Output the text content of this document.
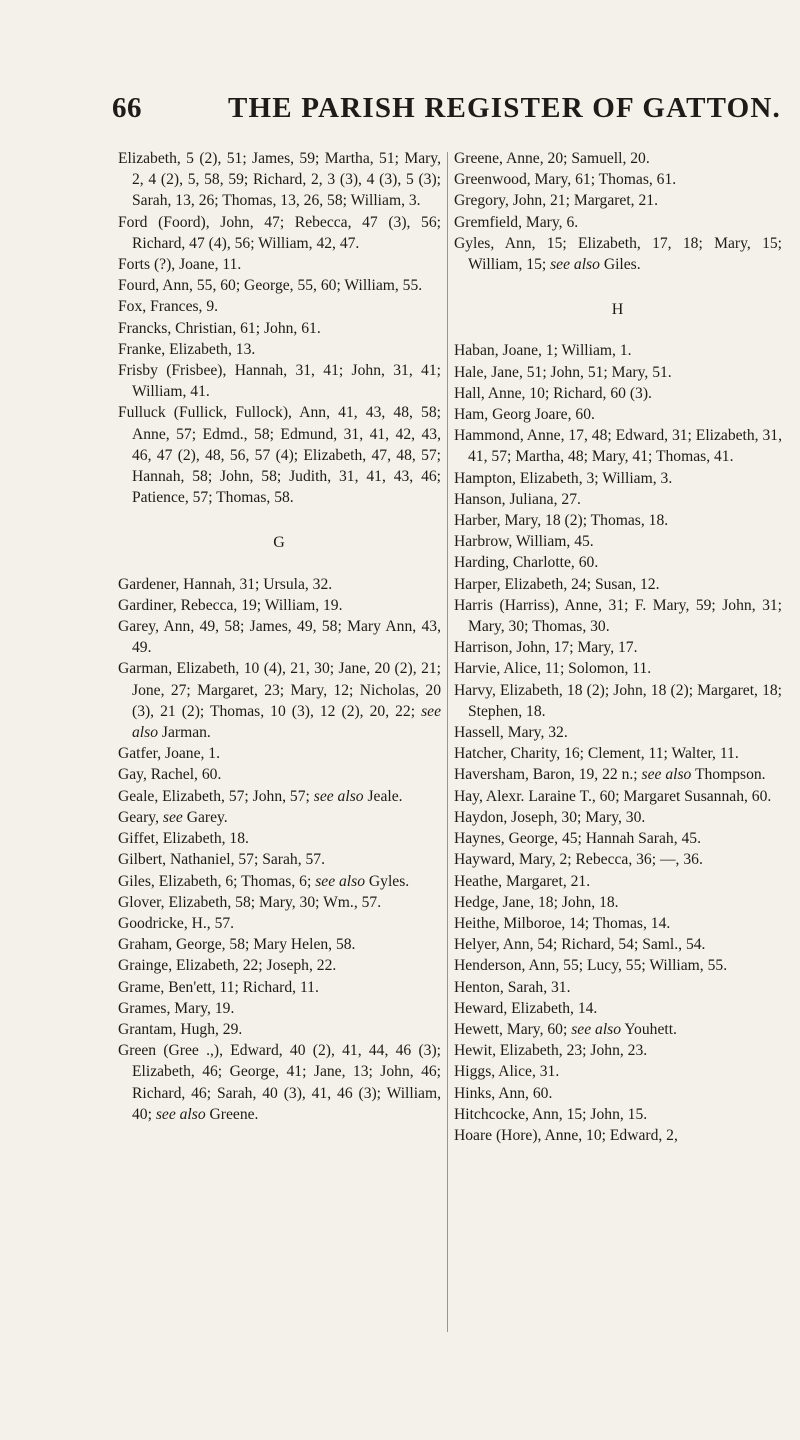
66	THE PARISH REGISTER OF GATTON.

Elizabeth, 5 (2), 51; James, 59; Martha, 51; Mary, 2, 4 (2), 5, 58, 59; Richard, 2, 3 (3), 4 (3), 5 (3); Sarah, 13, 26; Thomas, 13, 26, 58; William, 3.

Ford (Foord), John, 47; Rebecca, 47 (3), 56; Richard, 47 (4), 56; William, 42, 47.

Forts (?), Joane, 11.

Fourd, Ann, 55, 60; George, 55, 60; William, 55.

Fox, Frances, 9.

Francks, Christian, 61; John, 61.

Franke, Elizabeth, 13.

Frisby (Frisbee), Hannah, 31, 41; John, 31, 41; William, 41.

Fulluck (Fullick, Fullock), Ann, 41, 43, 48, 58; Anne, 57; Edmd., 58; Edmund, 31, 41, 42, 43, 46, 47 (2), 48, 56, 57 (4); Elizabeth, 47, 48, 57; Hannah, 58; John, 58; Judith, 31, 41, 43, 46; Patience, 57; Thomas, 58.

G

Gardener, Hannah, 31; Ursula, 32.

Gardiner, Rebecca, 19; William, 19.

Garey, Ann, 49, 58; James, 49, 58; Mary Ann, 43, 49.

Garman, Elizabeth, 10 (4), 21, 30; Jane, 20 (2), 21; Jone, 27; Margaret, 23; Mary, 12; Nicholas, 20 (3), 21 (2); Thomas, 10 (3), 12 (2), 20, 22; see also Jarman.

Gatfer, Joane, 1.

Gay, Rachel, 60.

Geale, Elizabeth, 57; John, 57; see also Jeale.

Geary, see Garey.

Giffet, Elizabeth, 18.

Gilbert, Nathaniel, 57; Sarah, 57.

Giles, Elizabeth, 6; Thomas, 6; see also Gyles.

Glover, Elizabeth, 58; Mary, 30; Wm., 57.

Goodricke, H., 57.

Graham, George, 58; Mary Helen, 58.

Grainge, Elizabeth, 22; Joseph, 22.

Grame, Ben'ett, 11; Richard, 11.

Grames, Mary, 19.

Grantam, Hugh, 29.

Green (Gree .,), Edward, 40 (2), 41, 44, 46 (3); Elizabeth, 46; George, 41; Jane, 13; John, 46; Richard, 46; Sarah, 40 (3), 41, 46 (3); William, 40; see also Greene.

Greene, Anne, 20; Samuell, 20.

Greenwood, Mary, 61; Thomas, 61.

Gregory, John, 21; Margaret, 21.

Gremfield, Mary, 6.

Gyles, Ann, 15; Elizabeth, 17, 18; Mary, 15; William, 15; see also Giles.

H

Haban, Joane, 1; William, 1.

Hale, Jane, 51; John, 51; Mary, 51.

Hall, Anne, 10; Richard, 60 (3).

Ham, Georg Joare, 60.

Hammond, Anne, 17, 48; Edward, 31; Elizabeth, 31, 41, 57; Martha, 48; Mary, 41; Thomas, 41.

Hampton, Elizabeth, 3; William, 3.

Hanson, Juliana, 27.

Harber, Mary, 18 (2); Thomas, 18.

Harbrow, William, 45.

Harding, Charlotte, 60.

Harper, Elizabeth, 24; Susan, 12.

Harris (Harriss), Anne, 31; F. Mary, 59; John, 31; Mary, 30; Thomas, 30.

Harrison, John, 17; Mary, 17.

Harvie, Alice, 11; Solomon, 11.

Harvy, Elizabeth, 18 (2); John, 18 (2); Margaret, 18; Stephen, 18.

Hassell, Mary, 32.

Hatcher, Charity, 16; Clement, 11; Walter, 11.

Haversham, Baron, 19, 22 n.; see also Thompson.

Hay, Alexr. Laraine T., 60; Margaret Susannah, 60.

Haydon, Joseph, 30; Mary, 30.

Haynes, George, 45; Hannah Sarah, 45.

Hayward, Mary, 2; Rebecca, 36; —, 36.

Heathe, Margaret, 21.

Hedge, Jane, 18; John, 18.

Heithe, Milboroe, 14; Thomas, 14.

Helyer, Ann, 54; Richard, 54; Saml., 54.

Henderson, Ann, 55; Lucy, 55; William, 55.

Henton, Sarah, 31.

Heward, Elizabeth, 14.

Hewett, Mary, 60; see also Youhett.

Hewit, Elizabeth, 23; John, 23.

Higgs, Alice, 31.

Hinks, Ann, 60.

Hitchcocke, Ann, 15; John, 15.

Hoare (Hore), Anne, 10; Edward, 2,
